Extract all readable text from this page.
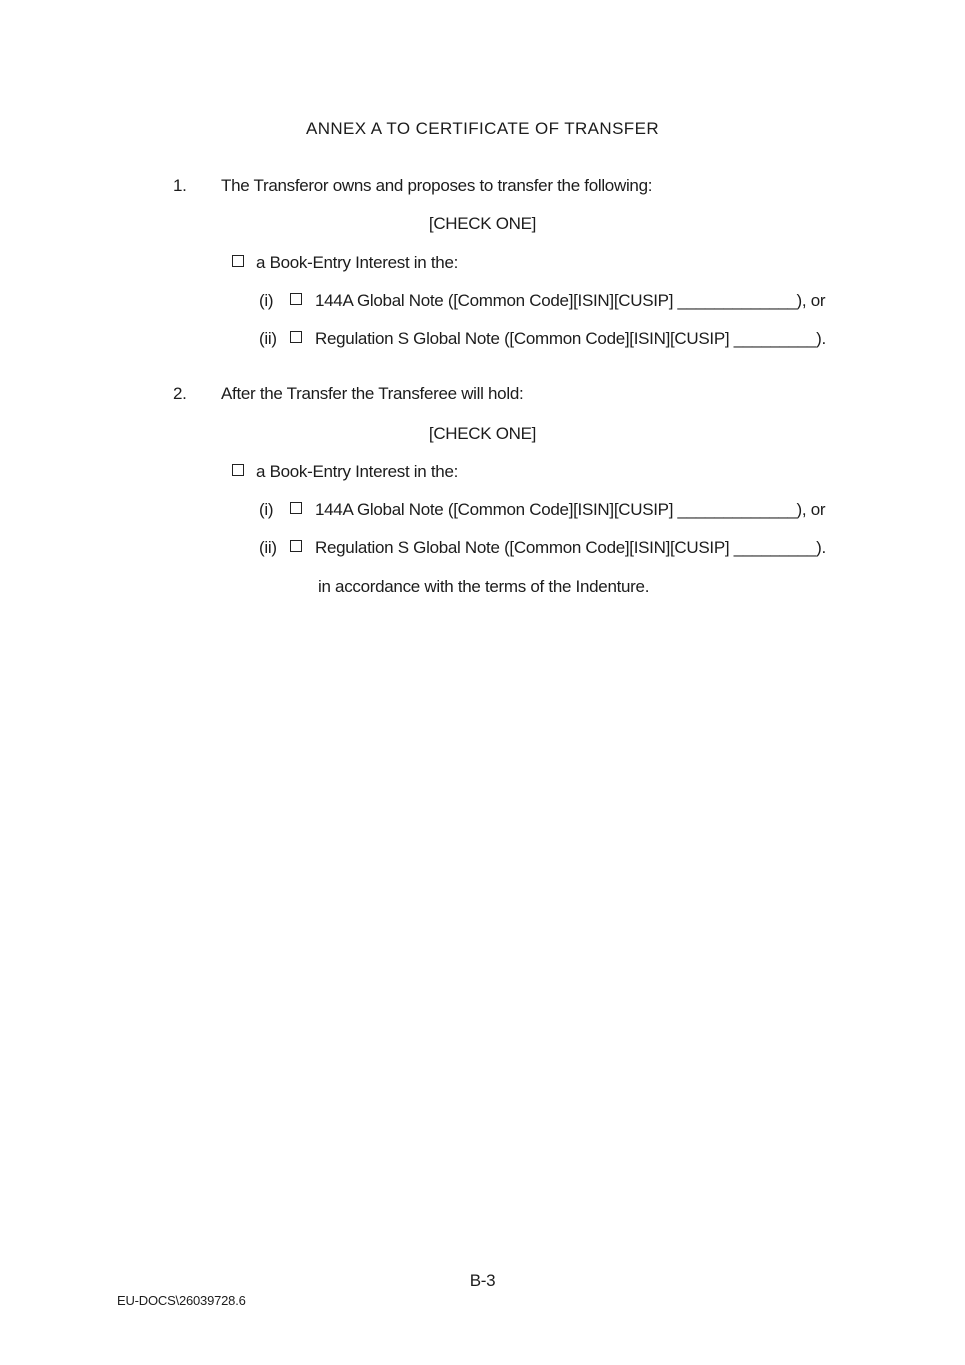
ANNEX A TO CERTIFICATE OF TRANSFER
1. The Transferor owns and proposes to transfer the following:
[CHECK ONE]
a Book-Entry Interest in the:
(i)	144A Global Note ([Common Code][ISIN][CUSIP] _____________), or
(ii)	Regulation S Global Note ([Common Code][ISIN][CUSIP] _________).
2. After the Transfer the Transferee will hold:
[CHECK ONE]
a Book-Entry Interest in the:
(i)	144A Global Note ([Common Code][ISIN][CUSIP] _____________), or
(ii)	Regulation S Global Note ([Common Code][ISIN][CUSIP] _________).
in accordance with the terms of the Indenture.
B-3
EU-DOCS\26039728.6
